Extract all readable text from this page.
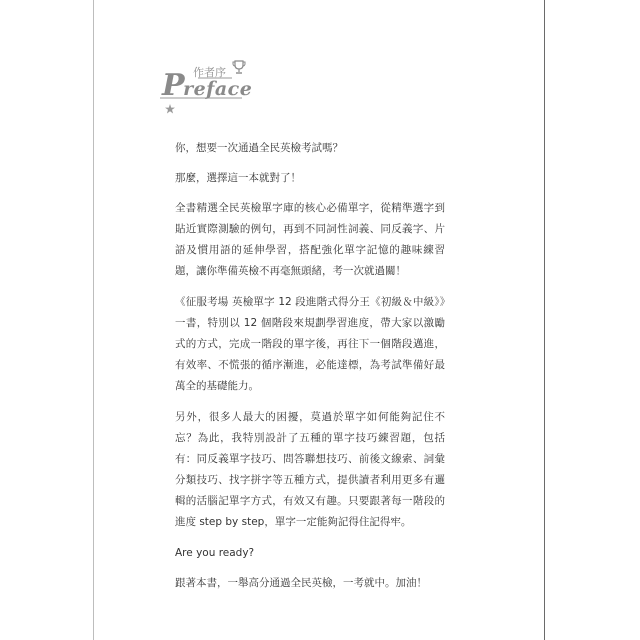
作者序
Preface

你，想要一次通過全民英檢考試嗎？

那麼，選擇這一本就對了！

全書精選全民英檢單字庫的核心必備單字，從精準選字到貼近實際測驗的例句，再到不同詞性詞義、同反義字、片語及慣用語的延伸學習，搭配強化單字記憶的趣味練習題，讓你準備英檢不再毫無頭緒，考一次就過關！

《征服考場 英檢單字 12 段進階式得分王《初級＆中級》》一書，特別以 12 個階段來規劃學習進度，帶大家以激勵式的方式，完成一階段的單字後，再往下一個階段邁進，有效率、不慌張的循序漸進，必能達標，為考試準備好最萬全的基礎能力。

另外，很多人最大的困擾，莫過於單字如何能夠記住不忘？為此，我特別設計了五種的單字技巧練習題，包括有：同反義單字技巧、問答聯想技巧、前後文線索、詞彙分類技巧、找字拼字等五種方式，提供讀者利用更多有邏輯的活腦記單字方式，有效又有趣。只要跟著每一階段的進度 step by step，單字一定能夠記得住記得牢。

Are you ready?

跟著本書，一舉高分通過全民英檢，一考就中。加油！
